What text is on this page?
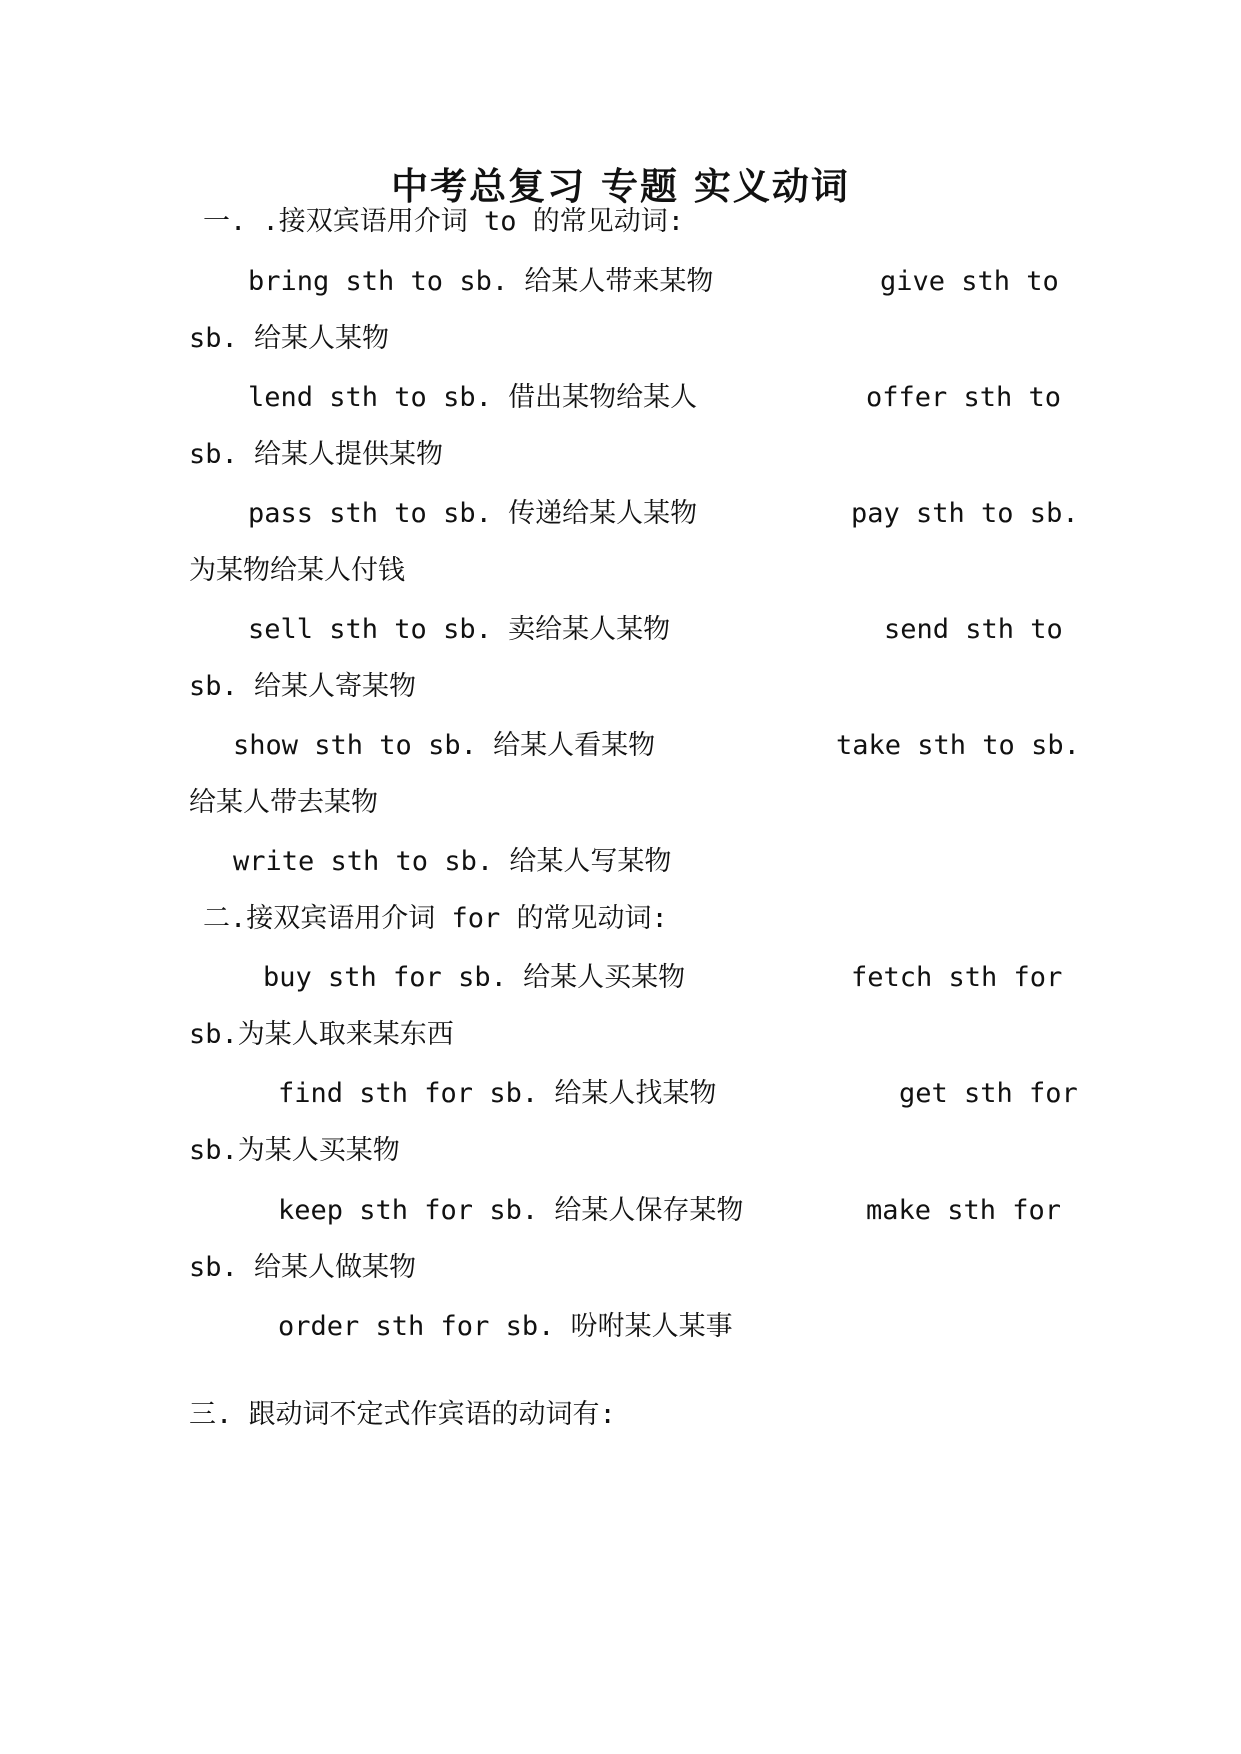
中考总复习 专题 实义动词
一. .接双宾语用介词 to 的常见动词:
bring sth to sb. 给某人带来某物	give sth to
sb. 给某人某物
lend sth to sb. 借出某物给某人	offer sth to
sb. 给某人提供某物
pass sth to sb. 传递给某人某物	pay sth to sb.
为某物给某人付钱
sell sth to sb. 卖给某人某物	send sth to
sb. 给某人寄某物
show sth to sb. 给某人看某物	take sth to sb.
给某人带去某物
write sth to sb. 给某人写某物
二.接双宾语用介词 for 的常见动词:
buy sth for sb. 给某人买某物	fetch sth for
sb.为某人取来某东西
find sth for sb. 给某人找某物	get sth for
sb.为某人买某物
keep sth for sb. 给某人保存某物	make sth for
sb. 给某人做某物
order sth for sb. 吩咐某人某事
三. 跟动词不定式作宾语的动词有:
